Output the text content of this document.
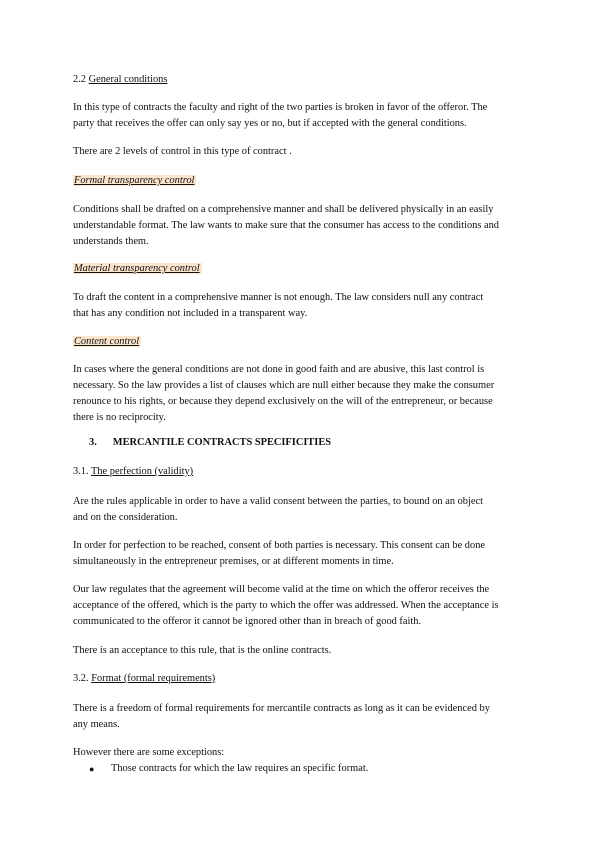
2.2 General conditions
In this type of contracts the faculty and right of the two parties is broken in favor of the offeror. The
party that receives the offer can only say yes or no, but if accepted with the general conditions.
There are 2 levels of control in this type of contract .
Formal transparency control
Conditions shall be drafted on a comprehensive manner and shall be delivered physically in an easily
understandable format. The law wants to make sure that the consumer has access to the conditions and
understands them.
Material transparency control
To draft the content in a comprehensive manner is not enough. The law considers null any contract
that has any condition not included in a transparent way.
Content control
In cases where the general conditions are not done in good faith and are abusive, this last control is
necessary. So the law provides a list of clauses which are null either because they make the consumer
renounce to his rights, or because they depend exclusively on the will of the entrepreneur, or because
there is no reciprocity.
3. MERCANTILE CONTRACTS SPECIFICITIES
3.1. The perfection (validity)
Are the rules applicable in order to have a valid consent between the parties, to bound on an object
and on the consideration.
In order for perfection to be reached, consent of both parties is necessary. This consent can be done
simultaneously in the entrepreneur premises, or at different moments in time.
Our law regulates that the agreement will become valid at the time on which the offeror receives the
acceptance of the offered, which is the party to which the offer was addressed. When the acceptance is
communicated to the offeror it cannot be ignored other than in breach of good faith.
There is an acceptance to this rule, that is the online contracts.
3.2. Format (formal requirements)
There is a freedom of formal requirements for mercantile contracts as long as it can be evidenced by
any means.
However there are some exceptions:
● Those contracts for which the law requires an specific format.
